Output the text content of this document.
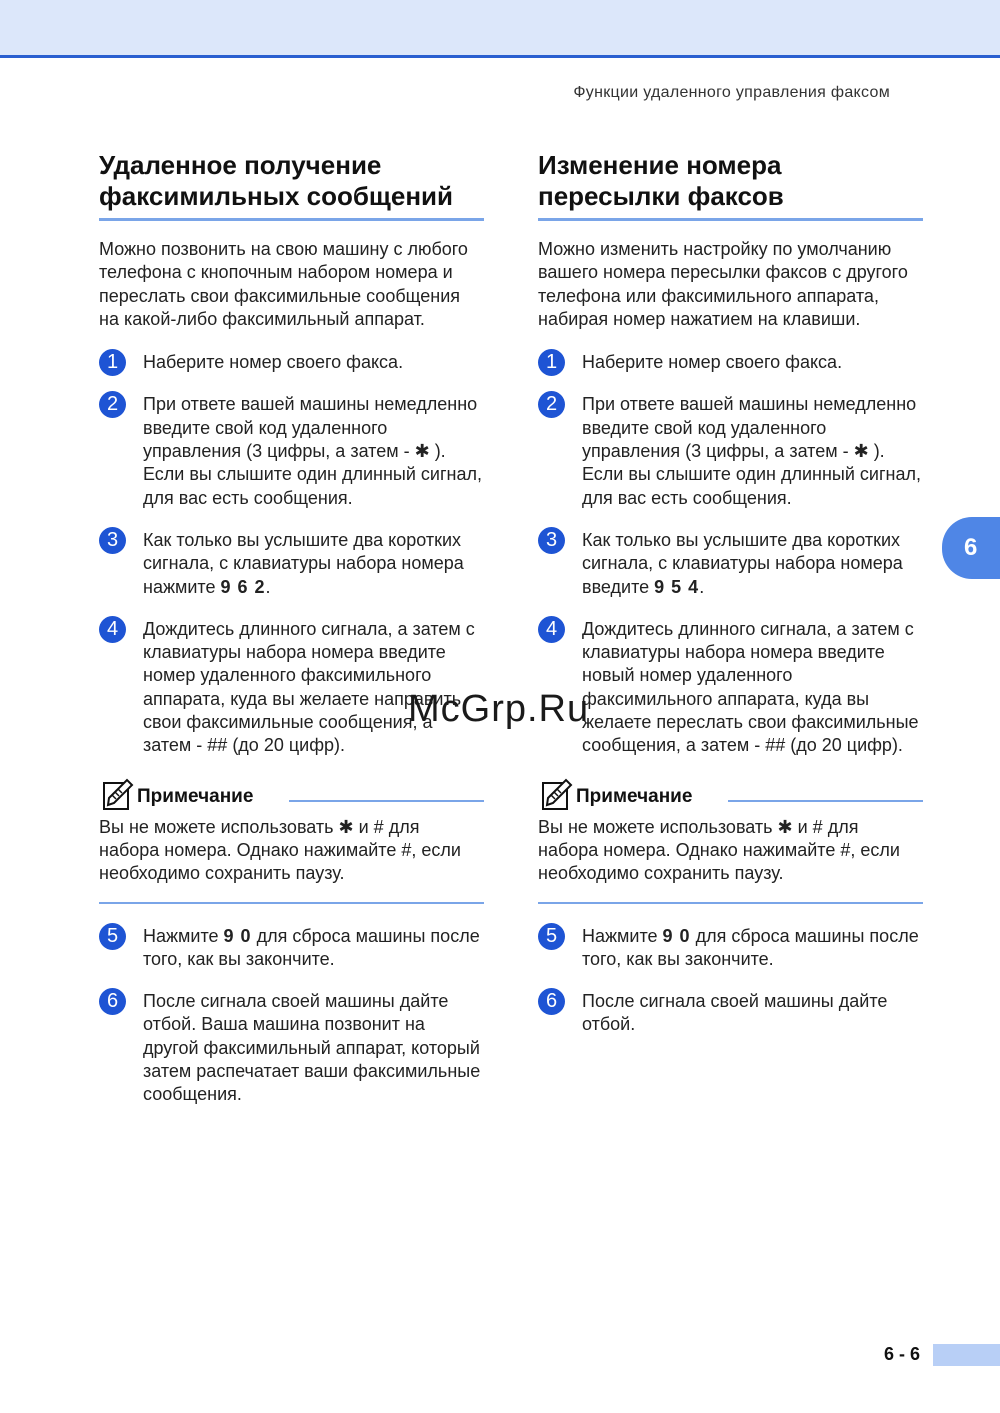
Функции удаленного управления факсом
Удаленное получение факсимильных сообщений

Можно позвонить на свою машину с любого телефона с кнопочным набором номера и переслать свои факсимильные сообщения на какой-либо факсимильный аппарат.

1	Наберите номер своего факса.
2	При ответе вашей машины немедленно введите свой код удаленного управления (3 цифры, а затем - ✱ ). Если вы слышите один длинный сигнал, для вас есть сообщения.
3	Как только вы услышите два коротких сигнала, с клавиатуры набора номера нажмите 9 6 2.
4	Дождитесь длинного сигнала, а затем с клавиатуры набора номера введите номер удаленного факсимильного аппарата, куда вы желаете направить свои факсимильные сообщения, а затем - ## (до 20 цифр).
Примечание
Вы не можете использовать ✱ и # для набора номера. Однако нажимайте #, если необходимо сохранить паузу.
5	Нажмите 9 0 для сброса машины после того, как вы закончите.
6	После сигнала своей машины дайте отбой. Ваша машина позвонит на другой факсимильный аппарат, который затем распечатает ваши факсимильные сообщения.
Изменение номера пересылки факсов

Можно изменить настройку по умолчанию вашего номера пересылки факсов с другого телефона или факсимильного аппарата, набирая номер нажатием на клавиши.

1	Наберите номер своего факса.
2	При ответе вашей машины немедленно введите свой код удаленного управления (3 цифры, а затем - ✱ ). Если вы слышите один длинный сигнал, для вас есть сообщения.
3	Как только вы услышите два коротких сигнала, с клавиатуры набора номера введите 9 5 4.
4	Дождитесь длинного сигнала, а затем с клавиатуры набора номера введите новый номер удаленного факсимильного аппарата, куда вы желаете переслать свои факсимильные сообщения, а затем - ## (до 20 цифр).
Примечание
Вы не можете использовать ✱ и # для набора номера. Однако нажимайте #, если необходимо сохранить паузу.
5	Нажмите 9 0 для сброса машины после того, как вы закончите.
6	После сигнала своей машины дайте отбой.
6
McGrp.Ru
6 - 6
